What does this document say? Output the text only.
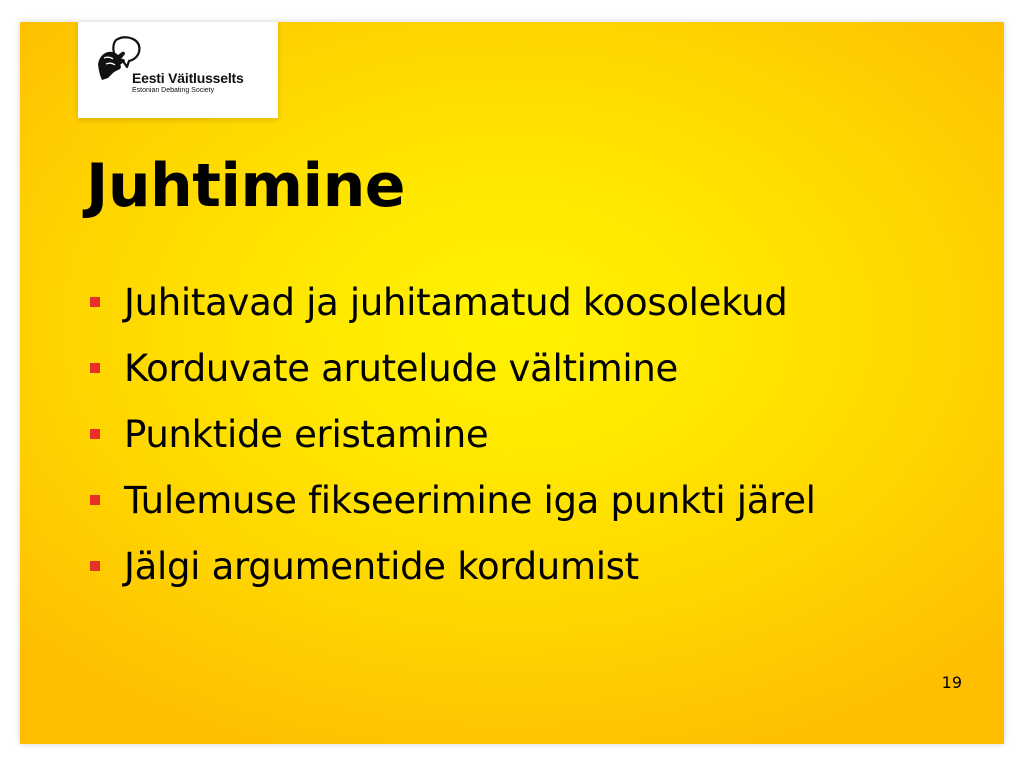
Eesti Väitlusselts
Estonian Debating Society
Juhtimine
Juhitavad ja juhitamatud koosolekud
Korduvate arutelude vältimine
Punktide eristamine
Tulemuse fikseerimine iga punkti järel
Jälgi argumentide kordumist
19
